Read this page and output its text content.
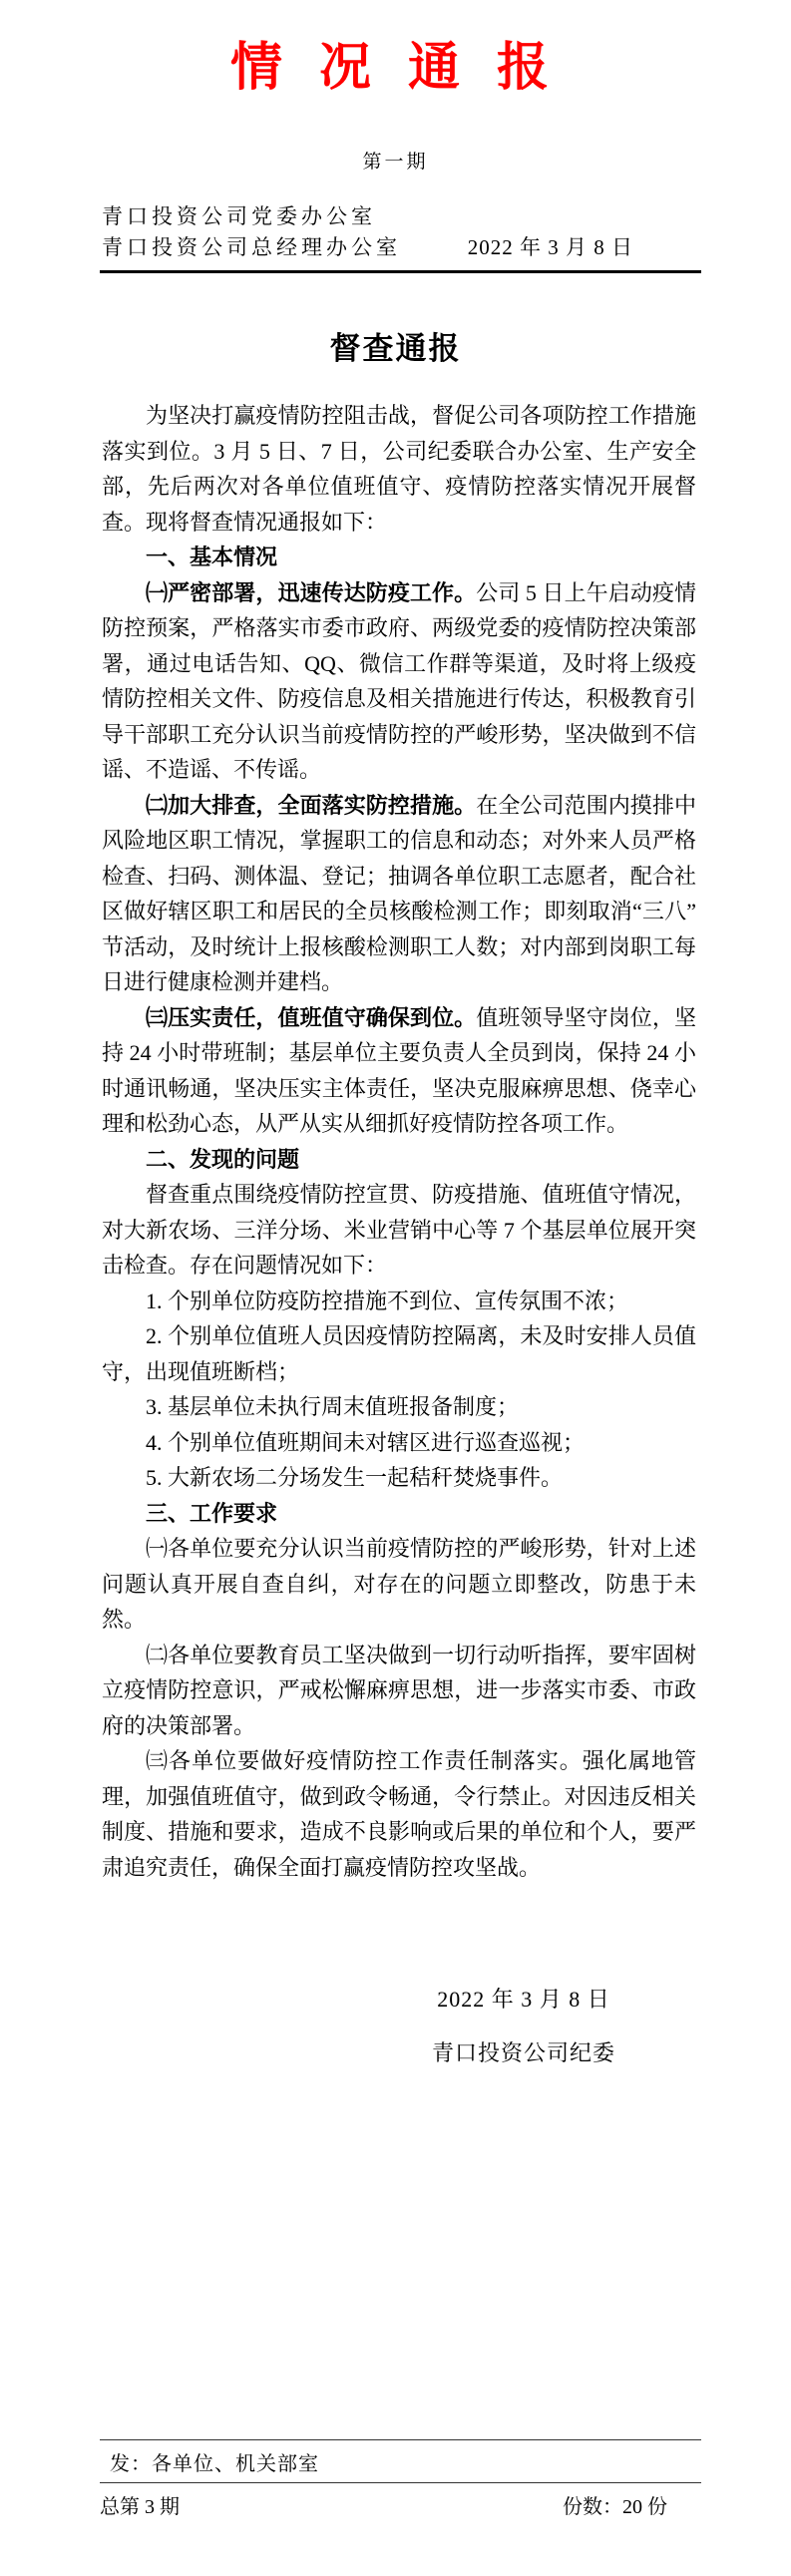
情 况 通 报
第一期
青口投资公司党委办公室
青口投资公司总经理办公室	2022 年 3 月 8 日
督查通报

为坚决打赢疫情防控阻击战，督促公司各项防控工作措施落实到位。3 月 5 日、7 日，公司纪委联合办公室、生产安全部，先后两次对各单位值班值守、疫情防控落实情况开展督查。现将督查情况通报如下：

一、基本情况

㈠严密部署，迅速传达防疫工作。公司 5 日上午启动疫情防控预案，严格落实市委市政府、两级党委的疫情防控决策部署，通过电话告知、QQ、微信工作群等渠道，及时将上级疫情防控相关文件、防疫信息及相关措施进行传达，积极教育引导干部职工充分认识当前疫情防控的严峻形势，坚决做到不信谣、不造谣、不传谣。

㈡加大排查，全面落实防控措施。在全公司范围内摸排中风险地区职工情况，掌握职工的信息和动态；对外来人员严格检查、扫码、测体温、登记；抽调各单位职工志愿者，配合社区做好辖区职工和居民的全员核酸检测工作；即刻取消“三八”节活动，及时统计上报核酸检测职工人数；对内部到岗职工每日进行健康检测并建档。

㈢压实责任，值班值守确保到位。值班领导坚守岗位，坚持 24 小时带班制；基层单位主要负责人全员到岗，保持 24 小时通讯畅通，坚决压实主体责任，坚决克服麻痹思想、侥幸心理和松劲心态，从严从实从细抓好疫情防控各项工作。

二、发现的问题

督查重点围绕疫情防控宣贯、防疫措施、值班值守情况，对大新农场、三洋分场、米业营销中心等 7 个基层单位展开突击检查。存在问题情况如下：

1. 个别单位防疫防控措施不到位、宣传氛围不浓；

2. 个别单位值班人员因疫情防控隔离，未及时安排人员值守，出现值班断档；

3. 基层单位未执行周末值班报备制度；

4. 个别单位值班期间未对辖区进行巡查巡视；

5. 大新农场二分场发生一起秸秆焚烧事件。

三、工作要求

㈠各单位要充分认识当前疫情防控的严峻形势，针对上述问题认真开展自查自纠，对存在的问题立即整改，防患于未然。

㈡各单位要教育员工坚决做到一切行动听指挥，要牢固树立疫情防控意识，严戒松懈麻痹思想，进一步落实市委、市政府的决策部署。

㈢各单位要做好疫情防控工作责任制落实。强化属地管理，加强值班值守，做到政令畅通，令行禁止。对因违反相关制度、措施和要求，造成不良影响或后果的单位和个人，要严肃追究责任，确保全面打赢疫情防控攻坚战。

2022 年 3 月 8 日
青口投资公司纪委
发：各单位、机关部室
总第 3 期	份数：20 份
